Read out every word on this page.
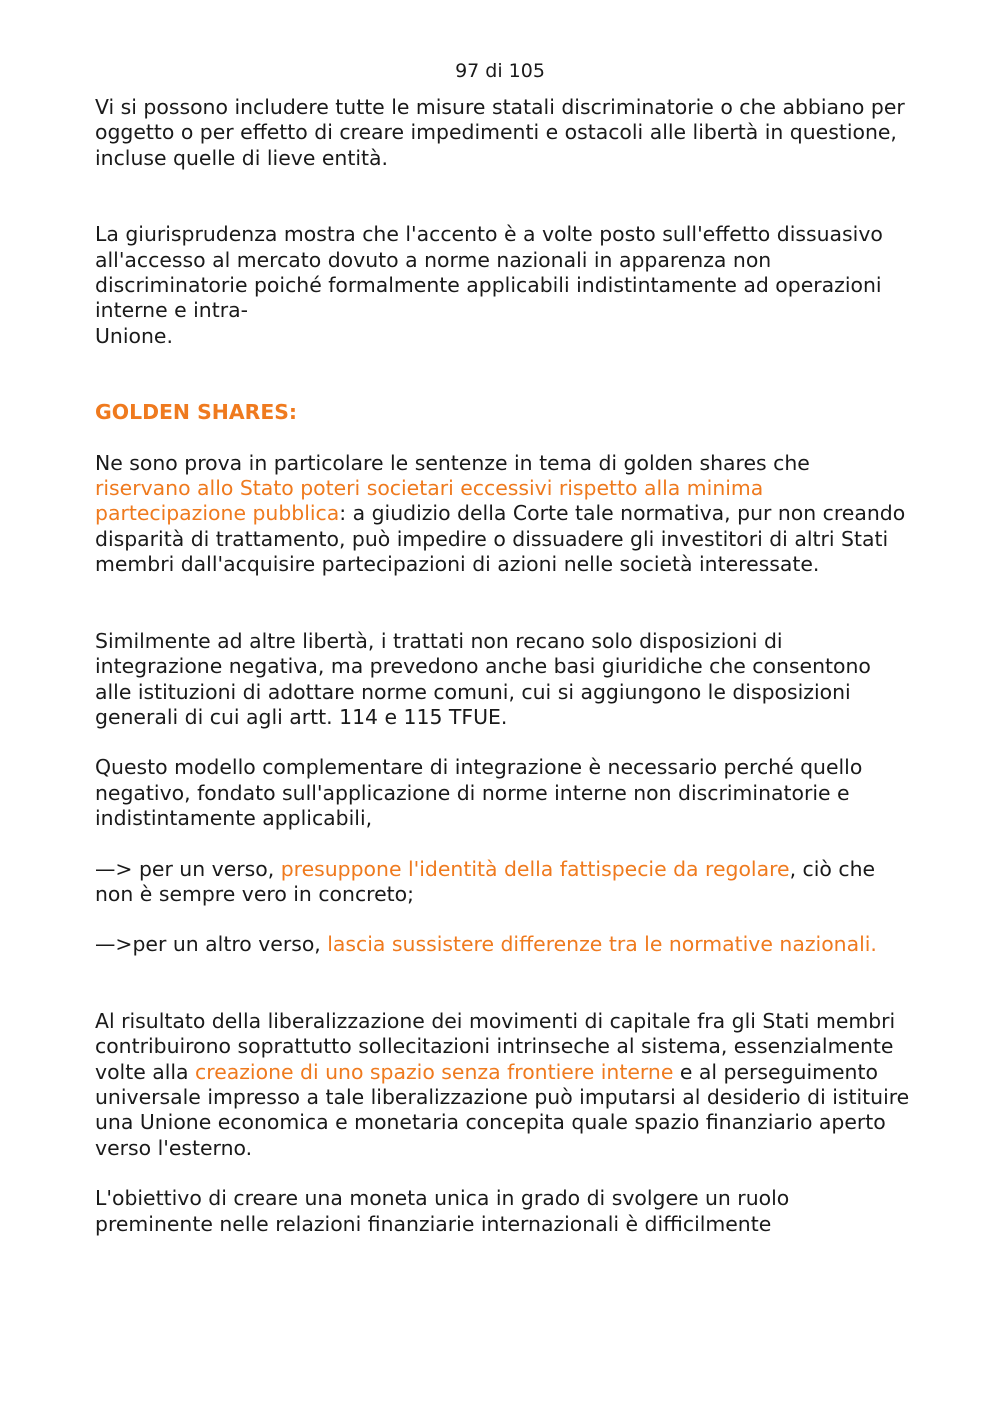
97 di 105

Vi si possono includere tutte le misure statali discriminatorie o che abbiano per oggetto o per effetto di creare impedimenti e ostacoli alle libertà in questione, incluse quelle di lieve entità.

La giurisprudenza mostra che l'accento è a volte posto sull'effetto dissuasivo all'accesso al mercato dovuto a norme nazionali in apparenza non discriminatorie poiché formalmente applicabili indistintamente ad operazioni interne e intra-
Unione.

GOLDEN SHARES:

Ne sono prova in particolare le sentenze in tema di golden shares che riservano allo Stato poteri societari eccessivi rispetto alla minima partecipazione pubblica: a giudizio della Corte tale normativa, pur non creando disparità di trattamento, può impedire o dissuadere gli investitori di altri Stati membri dall'acquisire partecipazioni di azioni nelle società interessate.

Similmente ad altre libertà, i trattati non recano solo disposizioni di integrazione negativa, ma prevedono anche basi giuridiche che consentono alle istituzioni di adottare norme comuni, cui si aggiungono le disposizioni generali di cui agli artt. 114 e 115 TFUE.

Questo modello complementare di integrazione è necessario perché quello negativo, fondato sull'applicazione di norme interne non discriminatorie e indistintamente applicabili,

—> per un verso, presuppone l'identità della fattispecie da regolare, ciò che non è sempre vero in concreto;

—>per un altro verso, lascia sussistere differenze tra le normative nazionali.

Al risultato della liberalizzazione dei movimenti di capitale fra gli Stati membri contribuirono soprattutto sollecitazioni intrinseche al sistema, essenzialmente
volte alla creazione di uno spazio senza frontiere interne e al perseguimento universale impresso a tale liberalizzazione può imputarsi al desiderio di istituire una Unione economica e monetaria concepita quale spazio finanziario aperto verso l'esterno.

L'obiettivo di creare una moneta unica in grado di svolgere un ruolo preminente nelle relazioni finanziarie internazionali è difficilmente
